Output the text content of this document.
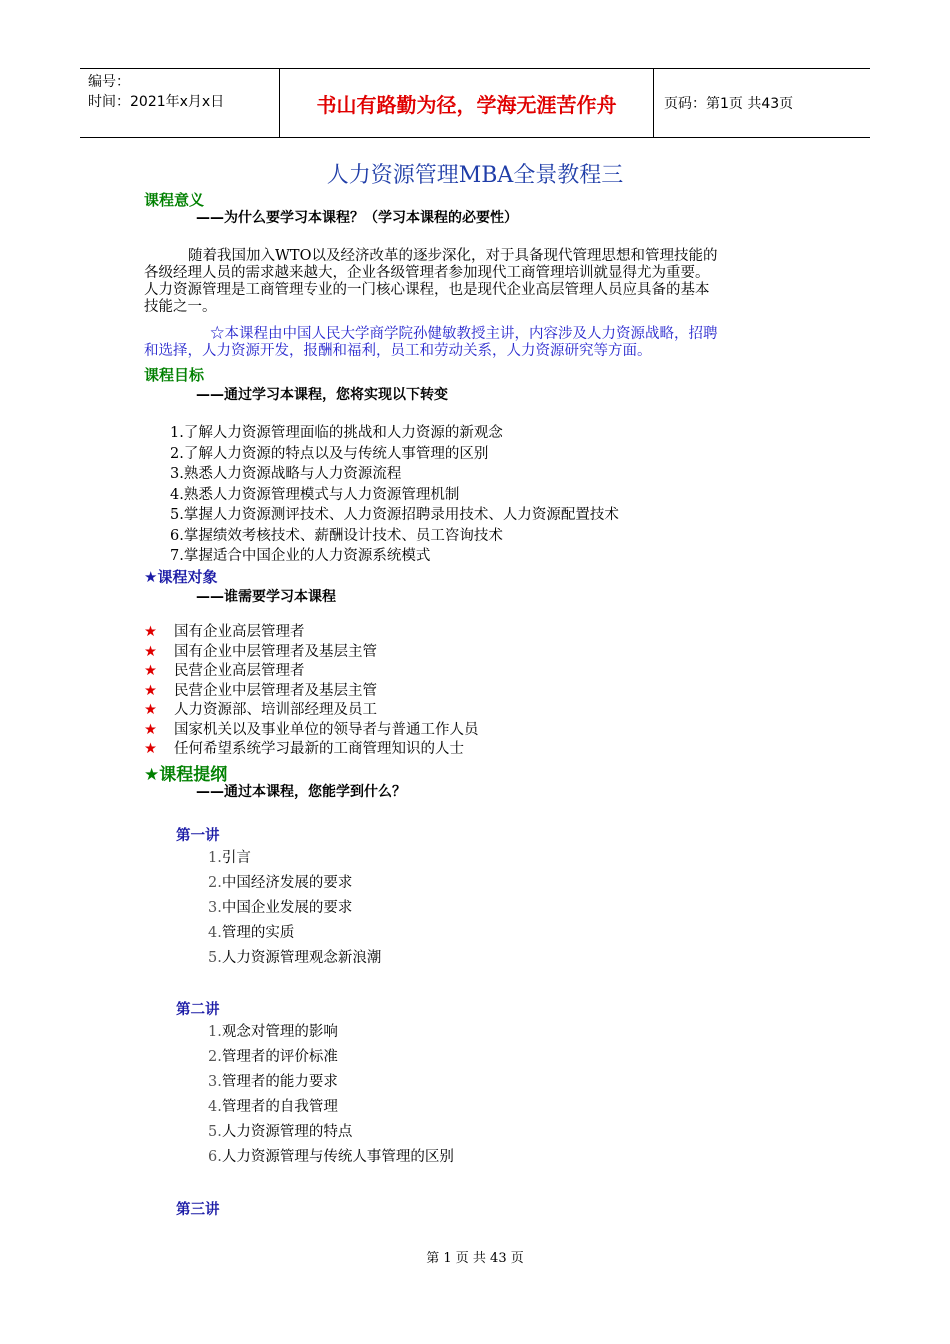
编号：
时间：2021年x月x日	书山有路勤为径，学海无涯苦作舟	页码：第1页 共43页
人力资源管理MBA全景教程三
课程意义
——为什么要学习本课程？（学习本课程的必要性）
随着我国加入WTO以及经济改革的逐步深化，对于具备现代管理思想和管理技能的
各级经理人员的需求越来越大，企业各级管理者参加现代工商管理培训就显得尤为重要。
人力资源管理是工商管理专业的一门核心课程，也是现代企业高层管理人员应具备的基本
技能之一。
☆本课程由中国人民大学商学院孙健敏教授主讲，内容涉及人力资源战略，招聘
和选择，人力资源开发，报酬和福利，员工和劳动关系，人力资源研究等方面。
课程目标
——通过学习本课程，您将实现以下转变
1.了解人力资源管理面临的挑战和人力资源的新观念
2.了解人力资源的特点以及与传统人事管理的区别
3.熟悉人力资源战略与人力资源流程
4.熟悉人力资源管理模式与人力资源管理机制
5.掌握人力资源测评技术、人力资源招聘录用技术、人力资源配置技术
6.掌握绩效考核技术、薪酬设计技术、员工咨询技术
7.掌握适合中国企业的人力资源系统模式
★课程对象
——谁需要学习本课程
★ 国有企业高层管理者
★ 国有企业中层管理者及基层主管
★ 民营企业高层管理者
★ 民营企业中层管理者及基层主管
★ 人力资源部、培训部经理及员工
★ 国家机关以及事业单位的领导者与普通工作人员
★ 任何希望系统学习最新的工商管理知识的人士
★课程提纲
——通过本课程，您能学到什么？
第一讲
1.引言
2.中国经济发展的要求
3.中国企业发展的要求
4.管理的实质
5.人力资源管理观念新浪潮
第二讲
1.观念对管理的影响
2.管理者的评价标准
3.管理者的能力要求
4.管理者的自我管理
5.人力资源管理的特点
6.人力资源管理与传统人事管理的区别
第三讲
第 1 页 共 43 页
